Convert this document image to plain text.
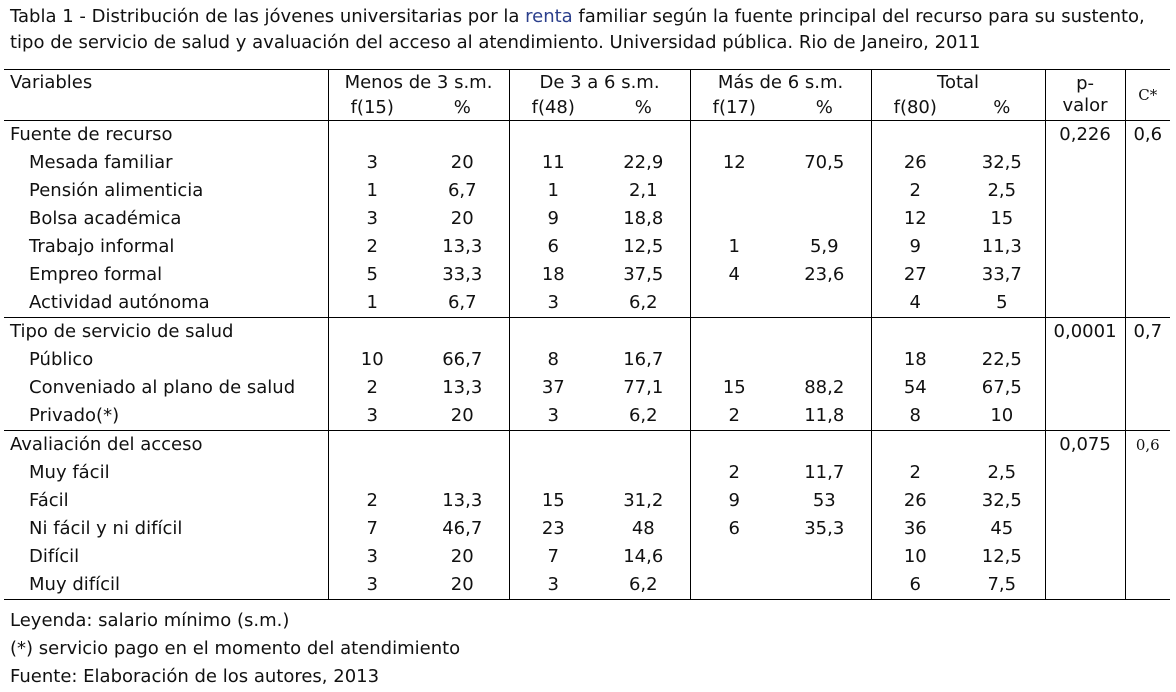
Tabla 1 - Distribución de las jóvenes universitarias por la renta familiar según la fuente principal del recurso para su sustento, tipo de servicio de salud y avaluación del acceso al atendimiento. Universidad pública. Rio de Janeiro, 2011
Variables	Menos de 3 s.m.		De 3 a 6 s.m.		Más de 6 s.m.		Total		p-valor	C*
	f(15)	%	f(48)	%	f(17)	%	f(80)	%		
Fuente de recurso									0,226	0,6
Mesada familiar	3	20	11	22,9	12	70,5	26	32,5		
Pensión alimenticia	1	6,7	1	2,1			2	2,5		
Bolsa académica	3	20	9	18,8			12	15		
Trabajo informal	2	13,3	6	12,5	1	5,9	9	11,3		
Empreo formal	5	33,3	18	37,5	4	23,6	27	33,7		
Actividad autónoma	1	6,7	3	6,2			4	5		
Tipo de servicio de salud									0,0001	0,7
Público	10	66,7	8	16,7			18	22,5		
Conveniado al plano de salud	2	13,3	37	77,1	15	88,2	54	67,5		
Privado(*)	3	20	3	6,2	2	11,8	8	10		
Avaliación del acceso									0,075	0,6
Muy fácil					2	11,7	2	2,5		
Fácil	2	13,3	15	31,2	9	53	26	32,5		
Ni fácil y ni difícil	7	46,7	23	48	6	35,3	36	45		
Difícil	3	20	7	14,6			10	12,5		
Muy difícil	3	20	3	6,2			6	7,5		
Leyenda: salario mínimo (s.m.)
(*) servicio pago en el momento del atendimiento
Fuente: Elaboración de los autores, 2013
